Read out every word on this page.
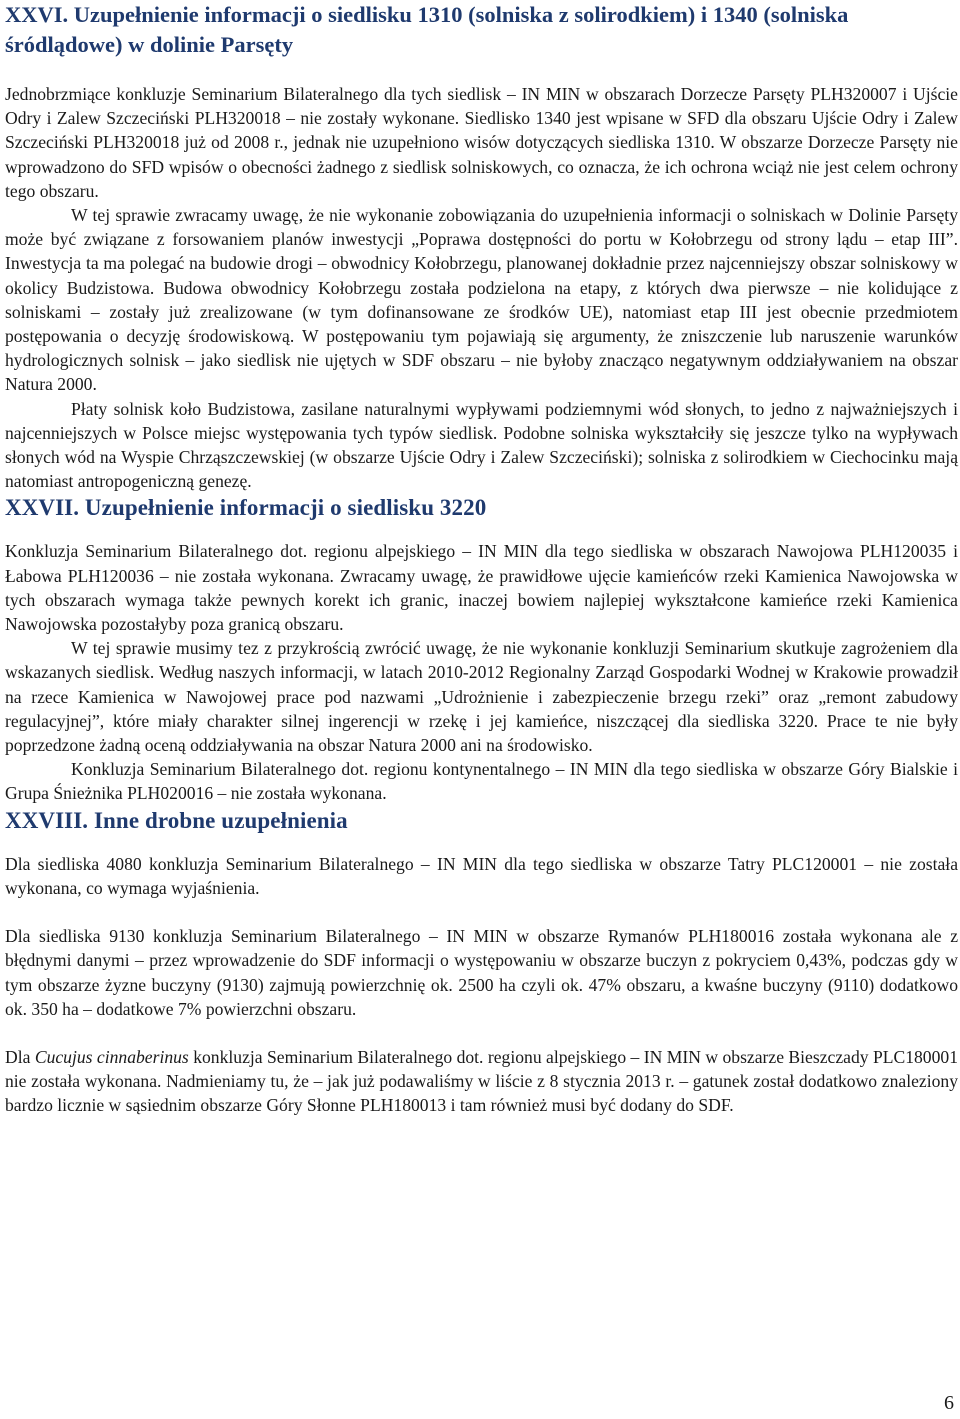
XXVI. Uzupełnienie informacji o siedlisku 1310 (solniska z solirodkiem) i 1340 (solniska śródlądowe) w dolinie Parsęty

Jednobrzmiące konkluzje Seminarium Bilateralnego dla tych siedlisk – IN MIN w obszarach Dorzecze Parsęty PLH320007 i Ujście Odry i Zalew Szczeciński PLH320018 – nie zostały wykonane. Siedlisko 1340 jest wpisane w SFD dla obszaru Ujście Odry i Zalew Szczeciński PLH320018 już od 2008 r., jednak nie uzupełniono wisów dotyczących siedliska 1310. W obszarze Dorzecze Parsęty nie wprowadzono do SFD wpisów o obecności żadnego z siedlisk solniskowych, co oznacza, że ich ochrona wciąż nie jest celem ochrony tego obszaru.

W tej sprawie zwracamy uwagę, że nie wykonanie zobowiązania do uzupełnienia informacji o solniskach w Dolinie Parsęty może być związane z forsowaniem planów inwestycji „Poprawa dostępności do portu w Kołobrzegu od strony lądu – etap III”. Inwestycja ta ma polegać na budowie drogi – obwodnicy Kołobrzegu, planowanej dokładnie przez najcenniejszy obszar solniskowy w okolicy Budzistowa. Budowa obwodnicy Kołobrzegu została podzielona na etapy, z których dwa pierwsze – nie kolidujące z solniskami – zostały już zrealizowane (w tym dofinansowane ze środków UE), natomiast etap III jest obecnie przedmiotem postępowania o decyzję środowiskową. W postępowaniu tym pojawiają się argumenty, że zniszczenie lub naruszenie warunków hydrologicznych solnisk – jako siedlisk nie ujętych w SDF obszaru – nie byłoby znacząco negatywnym oddziaływaniem na obszar Natura 2000.

Płaty solnisk koło Budzistowa, zasilane naturalnymi wypływami podziemnymi wód słonych, to jedno z najważniejszych i najcenniejszych w Polsce miejsc występowania tych typów siedlisk. Podobne solniska wykształciły się jeszcze tylko na wypływach słonych wód na Wyspie Chrząszczewskiej (w obszarze Ujście Odry i Zalew Szczeciński); solniska z solirodkiem w Ciechocinku mają natomiast antropogeniczną genezę.

XXVII. Uzupełnienie informacji o siedlisku 3220

Konkluzja Seminarium Bilateralnego dot. regionu alpejskiego – IN MIN dla tego siedliska w obszarach Nawojowa PLH120035 i Łabowa PLH120036 – nie została wykonana. Zwracamy uwagę, że prawidłowe ujęcie kamieńców rzeki Kamienica Nawojowska w tych obszarach wymaga także pewnych korekt ich granic, inaczej bowiem najlepiej wykształcone kamieńce rzeki Kamienica Nawojowska pozostałyby poza granicą obszaru.

W tej sprawie musimy tez z przykrością zwrócić uwagę, że nie wykonanie konkluzji Seminarium skutkuje zagrożeniem dla wskazanych siedlisk. Według naszych informacji, w latach 2010-2012 Regionalny Zarząd Gospodarki Wodnej w Krakowie prowadził na rzece Kamienica w Nawojowej prace pod nazwami „Udrożnienie i zabezpieczenie brzegu rzeki” oraz „remont zabudowy regulacyjnej”, które miały charakter silnej ingerencji w rzekę i jej kamieńce, niszczącej dla siedliska 3220. Prace te nie były poprzedzone żadną oceną oddziaływania na obszar Natura 2000 ani na środowisko.

Konkluzja Seminarium Bilateralnego dot. regionu kontynentalnego – IN MIN dla tego siedliska w obszarze Góry Bialskie i Grupa Śnieżnika PLH020016 – nie została wykonana.

XXVIII. Inne drobne uzupełnienia

Dla siedliska 4080 konkluzja Seminarium Bilateralnego – IN MIN dla tego siedliska w obszarze Tatry PLC120001 – nie została wykonana, co wymaga wyjaśnienia.

Dla siedliska 9130 konkluzja Seminarium Bilateralnego – IN MIN w obszarze Rymanów PLH180016 została wykonana ale z błędnymi danymi – przez wprowadzenie do SDF informacji o występowaniu w obszarze buczyn z pokryciem 0,43%, podczas gdy w tym obszarze żyzne buczyny (9130) zajmują powierzchnię ok. 2500 ha czyli ok. 47% obszaru, a kwaśne buczyny (9110) dodatkowo ok. 350 ha – dodatkowe 7% powierzchni obszaru.

Dla Cucujus cinnaberinus konkluzja Seminarium Bilateralnego dot. regionu alpejskiego – IN MIN w obszarze Bieszczady PLC180001 nie została wykonana. Nadmieniamy tu, że – jak już podawaliśmy w liście z 8 stycznia 2013 r. – gatunek został dodatkowo znaleziony bardzo licznie w sąsiednim obszarze Góry Słonne PLH180013 i tam również musi być dodany do SDF.

6
